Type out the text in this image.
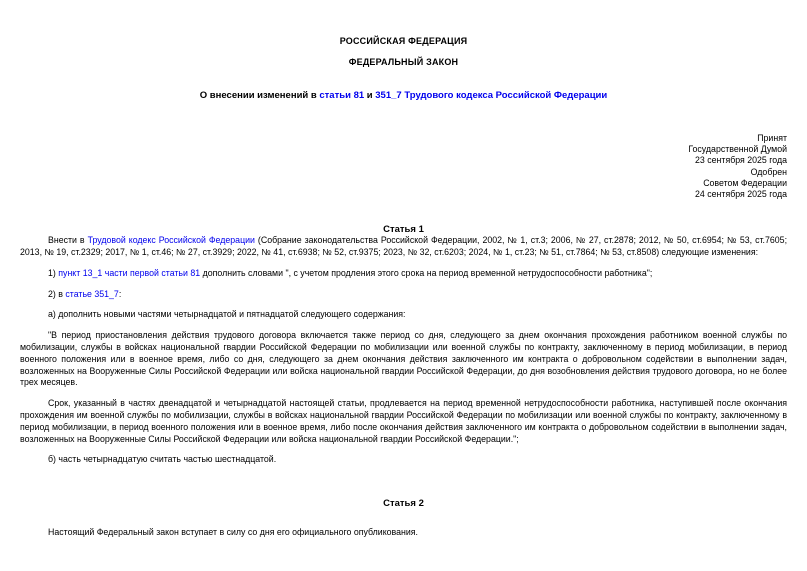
РОССИЙСКАЯ ФЕДЕРАЦИЯ
ФЕДЕРАЛЬНЫЙ ЗАКОН
О внесении изменений в статьи 81 и 351_7 Трудового кодекса Российской Федерации
Принят
Государственной Думой
23 сентября 2025 года
Одобрен
Советом Федерации
24 сентября 2025 года
Статья 1

Внести в Трудовой кодекс Российской Федерации (Собрание законодательства Российской Федерации, 2002, № 1, ст.3; 2006, № 27, ст.2878; 2012, № 50, ст.6954; № 53, ст.7605; 2013, № 19, ст.2329; 2017, № 1, ст.46; № 27, ст.3929; 2022, № 41, ст.6938; № 52, ст.9375; 2023, № 32, ст.6203; 2024, № 1, ст.23; № 51, ст.7864; № 53, ст.8508) следующие изменения:

1) пункт 13_1 части первой статьи 81 дополнить словами ", с учетом продления этого срока на период временной нетрудоспособности работника";

2) в статье 351_7:

а) дополнить новыми частями четырнадцатой и пятнадцатой следующего содержания:

"В период приостановления действия трудового договора включается также период со дня, следующего за днем окончания прохождения работником военной службы по мобилизации, службы в войсках национальной гвардии Российской Федерации по мобилизации или военной службы по контракту, заключенному в период мобилизации, в период военного положения или в военное время, либо со дня, следующего за днем окончания действия заключенного им контракта о добровольном содействии в выполнении задач, возложенных на Вооруженные Силы Российской Федерации или войска национальной гвардии Российской Федерации, до дня возобновления действия трудового договора, но не более трех месяцев.

Срок, указанный в частях двенадцатой и четырнадцатой настоящей статьи, продлевается на период временной нетрудоспособности работника, наступившей после окончания прохождения им военной службы по мобилизации, службы в войсках национальной гвардии Российской Федерации по мобилизации или военной службы по контракту, заключенному в период мобилизации, в период военного положения или в военное время, либо после окончания действия заключенного им контракта о добровольном содействии в выполнении задач, возложенных на Вооруженные Силы Российской Федерации или войска национальной гвардии Российской Федерации.";

б) часть четырнадцатую считать частью шестнадцатой.

Статья 2

Настоящий Федеральный закон вступает в силу со дня его официального опубликования.
